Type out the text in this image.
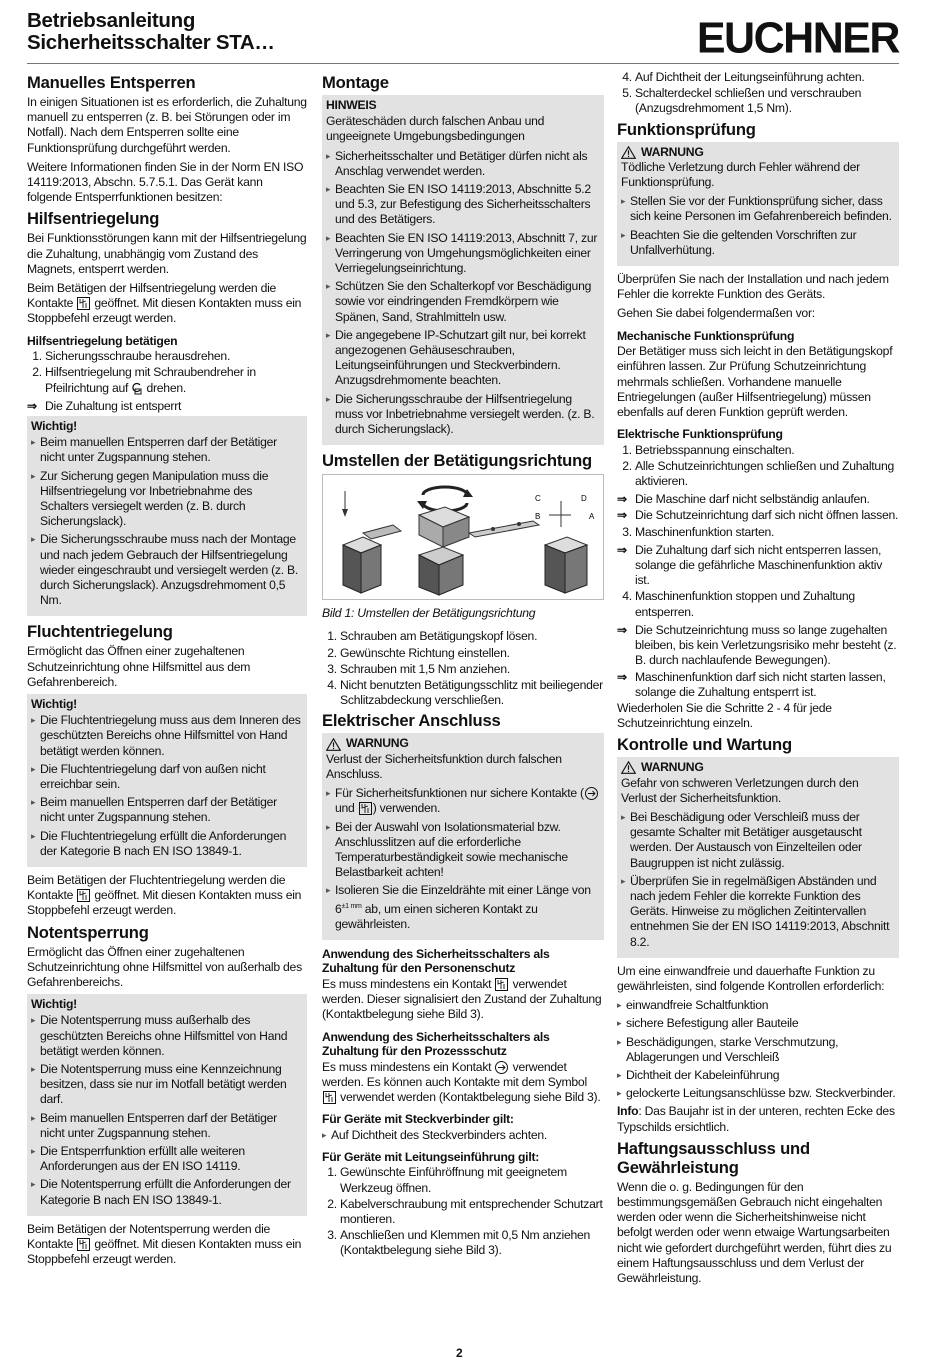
Betriebsanleitung
Sicherheitsschalter STA…	EUCHNER
Manuelles Entsperren

In einigen Situationen ist es erforderlich, die Zuhaltung manuell zu entsperren (z. B. bei Störungen oder im Notfall). Nach dem Entsperren sollte eine Funktionsprüfung durchgeführt werden.

Weitere Informationen finden Sie in der Norm EN ISO 14119:2013, Abschn. 5.7.5.1. Das Gerät kann folgende Entsperrfunktionen besitzen:

Hilfsentriegelung

Bei Funktionsstörungen kann mit der Hilfsentriegelung die Zuhaltung, unabhängig vom Zustand des Magnets, entsperrt werden.

Beim Betätigen der Hilfsentriegelung werden die Kontakte geöffnet. Mit diesen Kontakten muss ein Stoppbefehl erzeugt werden.

Hilfsentriegelung betätigen
1. Sicherungsschraube herausdrehen.
2. Hilfsentriegelung mit Schraubendreher in Pfeilrichtung auf drehen.
⇒ Die Zuhaltung ist entsperrt
Wichtig!
▸ Beim manuellen Entsperren darf der Betätiger nicht unter Zugspannung stehen.
▸ Zur Sicherung gegen Manipulation muss die Hilfsentriegelung vor Inbetriebnahme des Schalters versiegelt werden (z. B. durch Sicherungslack).
▸ Die Sicherungsschraube muss nach der Montage und nach jedem Gebrauch der Hilfsentriegelung wieder eingeschraubt und versiegelt werden (z. B. durch Sicherungslack). Anzugsdrehmoment 0,5 Nm.
Fluchtentriegelung

Ermöglicht das Öffnen einer zugehaltenen Schutzeinrichtung ohne Hilfsmittel aus dem Gefahrenbereich.

Wichtig!
▸ Die Fluchtentriegelung muss aus dem Inneren des geschützten Bereichs ohne Hilfsmittel von Hand betätigt werden können.
▸ Die Fluchtentriegelung darf von außen nicht erreichbar sein.
▸ Beim manuellen Entsperren darf der Betätiger nicht unter Zugspannung stehen.
▸ Die Fluchtentriegelung erfüllt die Anforderungen der Kategorie B nach EN ISO 13849-1.

Beim Betätigen der Fluchtentriegelung werden die Kontakte geöffnet. Mit diesen Kontakten muss ein Stoppbefehl erzeugt werden.

Notentsperrung

Ermöglicht das Öffnen einer zugehaltenen Schutzeinrichtung ohne Hilfsmittel von außerhalb des Gefahrenbereichs.

Wichtig!
▸ Die Notentsperrung muss außerhalb des geschützten Bereichs ohne Hilfsmittel von Hand betätigt werden können.
▸ Die Notentsperrung muss eine Kennzeichnung besitzen, dass sie nur im Notfall betätigt werden darf.
▸ Beim manuellen Entsperren darf der Betätiger nicht unter Zugspannung stehen.
▸ Die Entsperrfunktion erfüllt alle weiteren Anforderungen aus der EN ISO 14119.
▸ Die Notentsperrung erfüllt die Anforderungen der Kategorie B nach EN ISO 13849-1.

Beim Betätigen der Notentsperrung werden die Kontakte geöffnet. Mit diesen Kontakten muss ein Stoppbefehl erzeugt werden.

Montage
HINWEIS

Geräteschäden durch falschen Anbau und ungeeignete Umgebungsbedingungen

▸ Sicherheitsschalter und Betätiger dürfen nicht als Anschlag verwendet werden.
▸ Beachten Sie EN ISO 14119:2013, Abschnitte 5.2 und 5.3, zur Befestigung des Sicherheitsschalters und des Betätigers.
▸ Beachten Sie EN ISO 14119:2013, Abschnitt 7, zur Verringerung von Umgehungsmöglichkeiten einer Verriegelungseinrichtung.
▸ Schützen Sie den Schalterkopf vor Beschädigung sowie vor eindringenden Fremdkörpern wie Spänen, Sand, Strahlmitteln usw.
▸ Die angegebene IP-Schutzart gilt nur, bei korrekt angezogenen Gehäuseschrauben, Leitungseinführungen und Steckverbindern. Anzugsdrehmomente beachten.
▸ Die Sicherungsschraube der Hilfsentriegelung muss vor Inbetriebnahme versiegelt werden. (z. B. durch Sicherungslack).
Umstellen der Betätigungsrichtung
C	D
B	A
Bild 1: Umstellen der Betätigungsrichtung
1. Schrauben am Betätigungskopf lösen.
2. Gewünschte Richtung einstellen.
3. Schrauben mit 1,5 Nm anziehen.
4. Nicht benutzten Betätigungsschlitz mit beiliegender Schlitzabdeckung verschließen.
Elektrischer Anschluss
WARNUNG

Verlust der Sicherheitsfunktion durch falschen Anschluss.

▸ Für Sicherheitsfunktionen nur sichere Kontakte ( und ) verwenden.
▸ Bei der Auswahl von Isolationsmaterial bzw. Anschlusslitzen auf die erforderliche Temperaturbeständigkeit sowie mechanische Belastbarkeit achten!
▸ Isolieren Sie die Einzeldrähte mit einer Länge von $6^{\pm 1 mm}$ ab, um einen sicheren Kontakt zu gewährleisten.
Anwendung des Sicherheitsschalters als Zuhaltung für den Personenschutz

Es muss mindestens ein Kontakt verwendet werden. Dieser signalisiert den Zustand der Zuhaltung (Kontaktbelegung siehe Bild 3).

Anwendung des Sicherheitsschalters als Zuhaltung für den Prozessschutz

Es muss mindestens ein Kontakt verwendet werden. Es können auch Kontakte mit dem Symbol  verwendet werden (Kontaktbelegung siehe Bild 3).

Für Geräte mit Steckverbinder gilt:
▸ Auf Dichtheit des Steckverbinders achten.
Für Geräte mit Leitungseinführung gilt:
1. Gewünschte Einführöffnung mit geeignetem Werkzeug öffnen.
2. Kabelverschraubung mit entsprechender Schutzart montieren.
3. Anschließen und Klemmen mit 0,5 Nm anziehen (Kontaktbelegung siehe Bild 3).
4. Auf Dichtheit der Leitungseinführung achten.
5. Schalterdeckel schließen und verschrauben (Anzugsdrehmoment 1,5 Nm).
Funktionsprüfung
WARNUNG

Tödliche Verletzung durch Fehler während der Funktionsprüfung.

▸ Stellen Sie vor der Funktionsprüfung sicher, dass sich keine Personen im Gefahrenbereich befinden.
▸ Beachten Sie die geltenden Vorschriften zur Unfallverhütung.

Überprüfen Sie nach der Installation und nach jedem Fehler die korrekte Funktion des Geräts.

Gehen Sie dabei folgendermaßen vor:

Mechanische Funktionsprüfung

Der Betätiger muss sich leicht in den Betätigungskopf einführen lassen. Zur Prüfung Schutzeinrichtung mehrmals schließen. Vorhandene manuelle Entriegelungen (außer Hilfsentriegelung) müssen ebenfalls auf deren Funktion geprüft werden.

Elektrische Funktionsprüfung
1. Betriebsspannung einschalten.
2. Alle Schutzeinrichtungen schließen und Zuhaltung aktivieren.
⇒ Die Maschine darf nicht selbständig anlaufen.
⇒ Die Schutzeinrichtung darf sich nicht öffnen lassen.
3. Maschinenfunktion starten.
⇒ Die Zuhaltung darf sich nicht entsperren lassen, solange die gefährliche Maschinenfunktion aktiv ist.
4. Maschinenfunktion stoppen und Zuhaltung entsperren.
⇒ Die Schutzeinrichtung muss so lange zugehalten bleiben, bis kein Verletzungsrisiko mehr besteht (z. B. durch nachlaufende Bewegungen).
⇒ Maschinenfunktion darf sich nicht starten lassen, solange die Zuhaltung entsperrt ist.

Wiederholen Sie die Schritte 2 - 4 für jede Schutzeinrichtung einzeln.

Kontrolle und Wartung
WARNUNG

Gefahr von schweren Verletzungen durch den Verlust der Sicherheitsfunktion.

▸ Bei Beschädigung oder Verschleiß muss der gesamte Schalter mit Betätiger ausgetauscht werden. Der Austausch von Einzelteilen oder Baugruppen ist nicht zulässig.
▸ Überprüfen Sie in regelmäßigen Abständen und nach jedem Fehler die korrekte Funktion des Geräts. Hinweise zu möglichen Zeitintervallen entnehmen Sie der EN ISO 14119:2013, Abschnitt 8.2.

Um eine einwandfreie und dauerhafte Funktion zu gewährleisten, sind folgende Kontrollen erforderlich:

▸ einwandfreie Schaltfunktion
▸ sichere Befestigung aller Bauteile
▸ Beschädigungen, starke Verschmutzung, Ablagerungen und Verschleiß
▸ Dichtheit der Kabeleinführung
▸ gelockerte Leitungsanschlüsse bzw. Steckverbinder.

Info: Das Baujahr ist in der unteren, rechten Ecke des Typschilds ersichtlich.

Haftungsausschluss und Gewährleistung

Wenn die o. g. Bedingungen für den bestimmungsgemäßen Gebrauch nicht eingehalten werden oder wenn die Sicherheitshinweise nicht befolgt werden oder wenn etwaige Wartungsarbeiten nicht wie gefordert durchgeführt werden, führt dies zu einem Haftungsausschluss und dem Verlust der Gewährleistung.

2
